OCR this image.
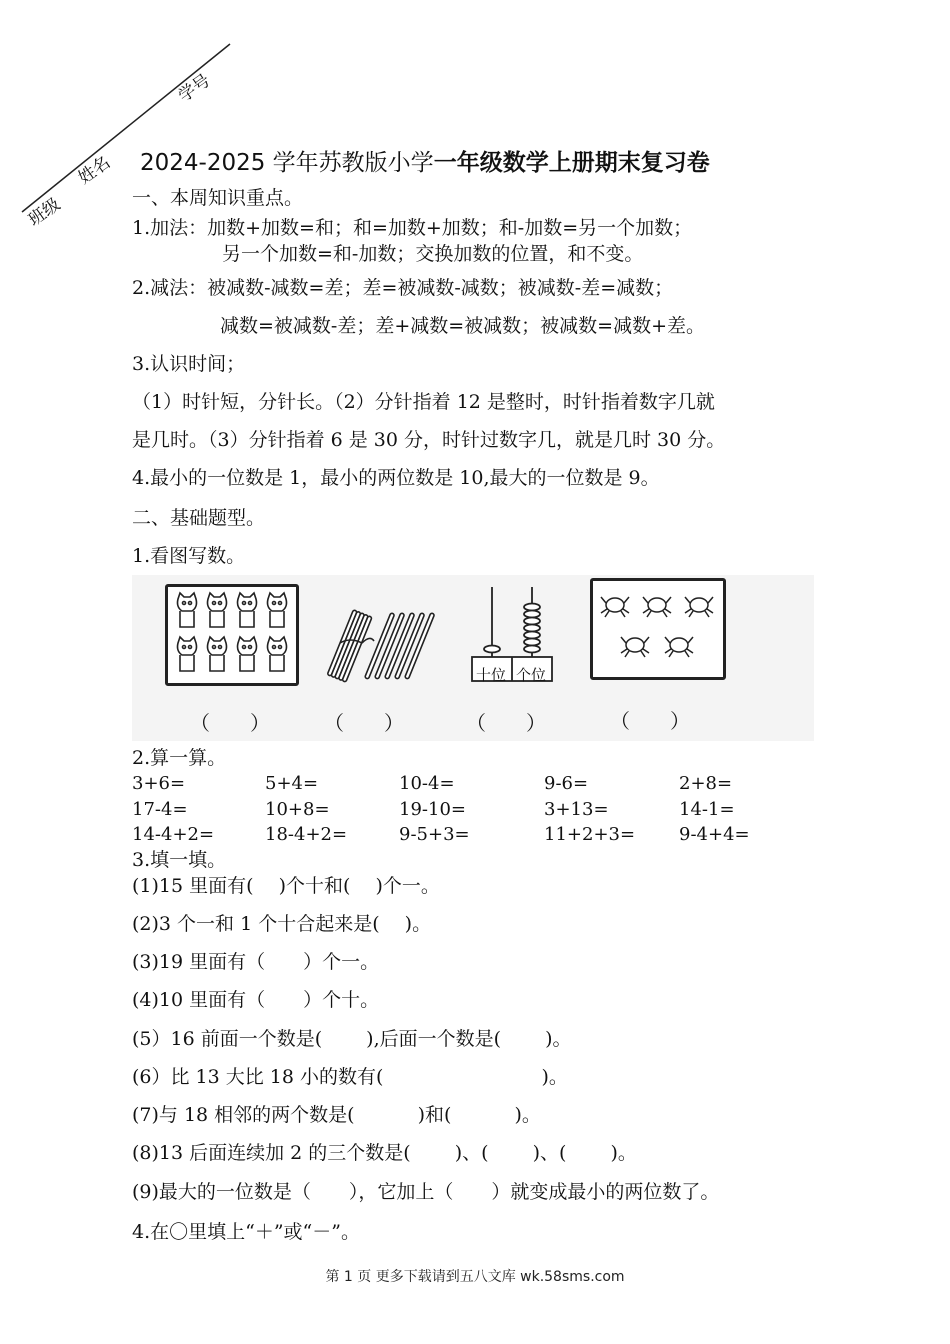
班级
姓名
学号
2024-2025 学年苏教版小学一年级数学上册期末复习卷
一、本周知识重点。
1.加法：加数+加数=和；和=加数+加数；和-加数=另一个加数；
另一个加数=和-加数；交换加数的位置，和不变。
2.减法：被减数-减数=差；差=被减数-减数；被减数-差=减数；
减数=被减数-差；差+减数=被减数；被减数=减数+差。
3.认识时间；
（1）时针短，分针长。（2）分针指着 12 是整时，时针指着数字几就
是几时。（3）分针指着 6 是 30 分，时针过数字几，就是几时 30 分。
4.最小的一位数是 1，最小的两位数是 10,最大的一位数是 9。
二、基础题型。
1.看图写数。
十位 个位
（　　）	（　　）	（　　）	（　　）
2.算一算。
3+6=	5+4=	10-4=	9-6=	2+8=
17-4=	10+8=	19-10=	3+13=	14-1=
14-4+2=	18-4+2=	9-5+3=	11+2+3= 9-4+4=
3.填一填。
(1)15 里面有(　 )个十和(　 )个一。
(2)3 个一和 1 个十合起来是(　 )。
(3)19 里面有（　　）个一。
(4)10 里面有（　　）个十。
(5）16 前面一个数是(　　 ),后面一个数是(　　 )。
(6）比 13 大比 18 小的数有(　　　　　　　　 )。
(7)与 18 相邻的两个数是(　　　 )和(　　　 )。
(8)13 后面连续加 2 的三个数是(　　 )、(　　 )、(　　 )。
(9)最大的一位数是（　　），它加上（　　）就变成最小的两位数了。
4.在〇里填上“＋”或“－”。
第 1 页 更多下载请到五八文库 wk.58sms.com
